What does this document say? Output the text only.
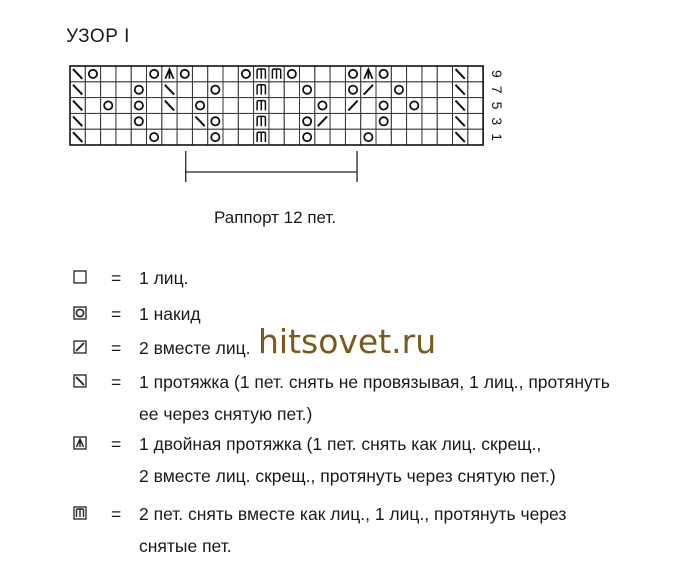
УЗОР I
9
7
5
3
1
Раппорт 12 пет.
hitsovet.ru
= 1 лиц.
= 1 накид
= 2 вместе лиц.
= 1 протяжка (1 пет. снять не провязывая, 1 лиц., протянуть
ее через снятую пет.)
= 1 двойная протяжка (1 пет. снять как лиц. скрещ.,
2 вместе лиц. скрещ., протянуть через снятую пет.)
= 2 пет. снять вместе как лиц., 1 лиц., протянуть через
снятые пет.
